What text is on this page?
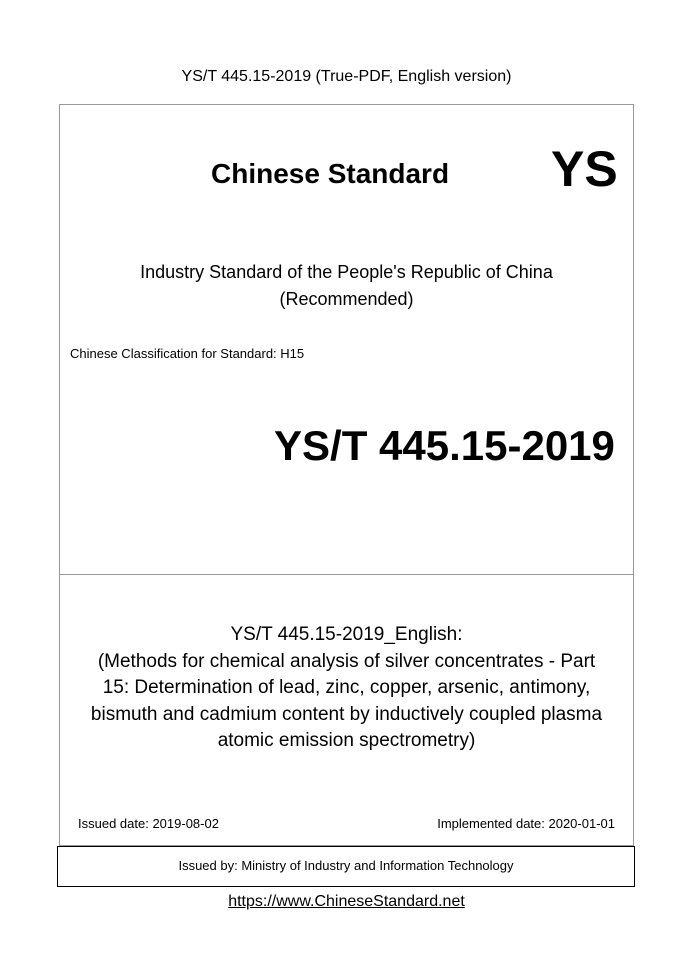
YS/T 445.15-2019 (True-PDF, English version)
Chinese Standard YS
Industry Standard of the People's Republic of China
(Recommended)
Chinese Classification for Standard: H15
YS/T 445.15-2019
YS/T 445.15-2019_English:
(Methods for chemical analysis of silver concentrates - Part
15: Determination of lead, zinc, copper, arsenic, antimony,
bismuth and cadmium content by inductively coupled plasma
atomic emission spectrometry)
Issued date: 2019-08-02	Implemented date: 2020-01-01
Issued by: Ministry of Industry and Information Technology
https://www.ChineseStandard.net
